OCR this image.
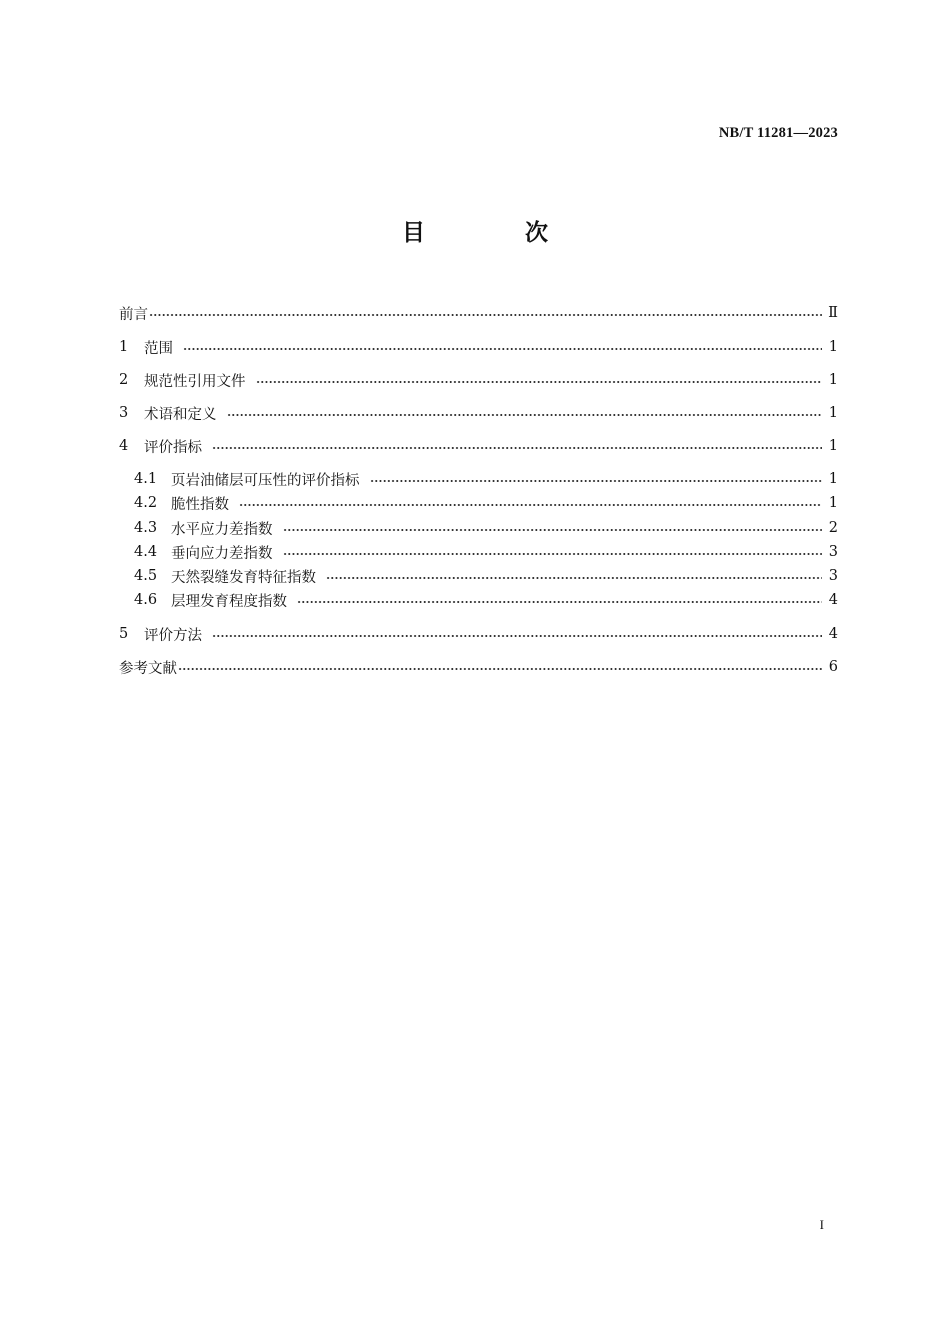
NB/T 11281—2023
目 次
前言	Ⅱ
1	范围	1
2	规范性引用文件	1
3	术语和定义	1
4	评价指标	1
4.1 页岩油储层可压性的评价指标	1
4.2 脆性指数	1
4.3 水平应力差指数	2
4.4 垂向应力差指数	3
4.5 天然裂缝发育特征指数	3
4.6 层理发育程度指数	4
5	评价方法	4
参考文献	6
I
